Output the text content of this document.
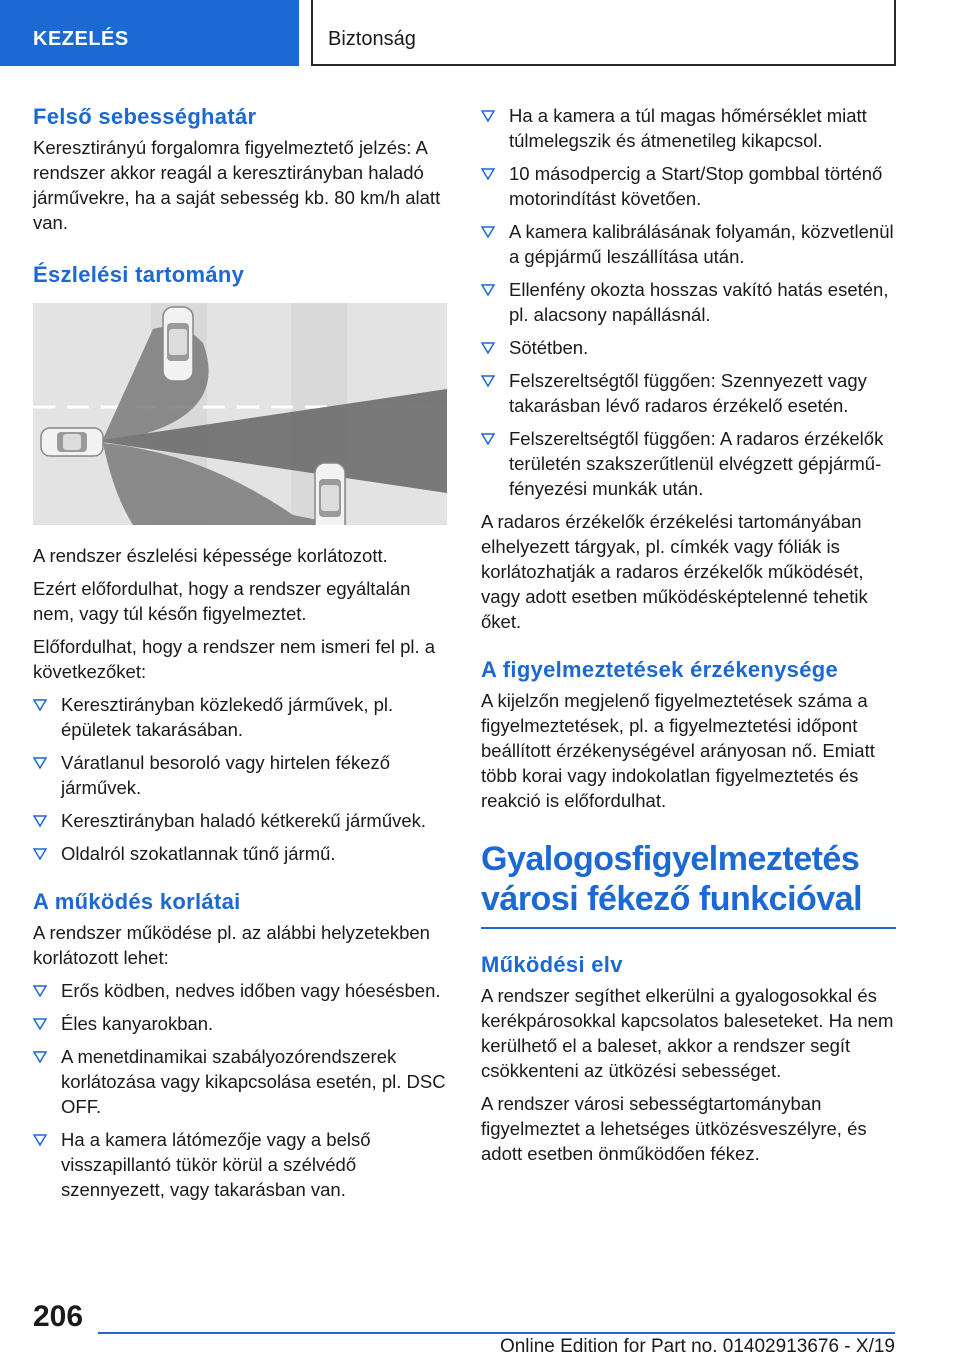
KEZELÉS	Biztonság
Felső sebességhatár

Keresztirányú forgalomra figyelmeztető jelzés: A rendszer akkor reagál a keresztirányban haladó járművekre, ha a saját sebesség kb. 80 km/h alatt van.

Észlelési tartomány

A rendszer észlelési képessége korlátozott.

Ezért előfordulhat, hogy a rendszer egyáltalán nem, vagy túl későn figyelmeztet.

Előfordulhat, hogy a rendszer nem ismeri fel pl. a következőket:

Keresztirányban közlekedő járművek, pl. épületek takarásában.
Váratlanul besoroló vagy hirtelen fékező járművek.
Keresztirányban haladó kétkerekű járművek.
Oldalról szokatlannak tűnő jármű.
A működés korlátai

A rendszer működése pl. az alábbi helyzetekben korlátozott lehet:

Erős ködben, nedves időben vagy hóesésben.
Éles kanyarokban.
A menetdinamikai szabályozórendszerek korlátozása vagy kikapcsolása esetén, pl. DSC OFF.
Ha a kamera látómezője vagy a belső visszapillantó tükör körül a szélvédő szennyezett, vagy takarásban van.
Ha a kamera a túl magas hőmérséklet miatt túlmelegszik és átmenetileg kikapcsol.
10 másodpercig a Start/Stop gombbal történő motorindítást követően.
A kamera kalibrálásának folyamán, közvetlenül a gépjármű leszállítása után.
Ellenfény okozta hosszas vakító hatás esetén, pl. alacsony napállásnál.
Sötétben.
Felszereltségtől függően: Szennyezett vagy takarásban lévő radaros érzékelő esetén.
Felszereltségtől függően: A radaros érzékelők területén szakszerűtlenül elvégzett gépjármű-fényezési munkák után.

A radaros érzékelők érzékelési tartományában elhelyezett tárgyak, pl. címkék vagy fóliák is korlátozhatják a radaros érzékelők működését, vagy adott esetben működésképtelenné tehetik őket.

A figyelmeztetések érzékenysége

A kijelzőn megjelenő figyelmeztetések száma a figyelmeztetések, pl. a figyelmeztetési időpont beállított érzékenységével arányosan nő. Emiatt több korai vagy indokolatlan figyelmeztetés és reakció is előfordulhat.

Gyalogosfigyelmeztetés városi fékező funkcióval
Működési elv

A rendszer segíthet elkerülni a gyalogosokkal és kerékpárosokkal kapcsolatos baleseteket. Ha nem kerülhető el a baleset, akkor a rendszer segít csökkenteni az ütközési sebességet.

A rendszer városi sebességtartományban figyelmeztet a lehetséges ütközésveszélyre, és adott esetben önműködően fékez.

206
Online Edition for Part no. 01402913676 - X/19
